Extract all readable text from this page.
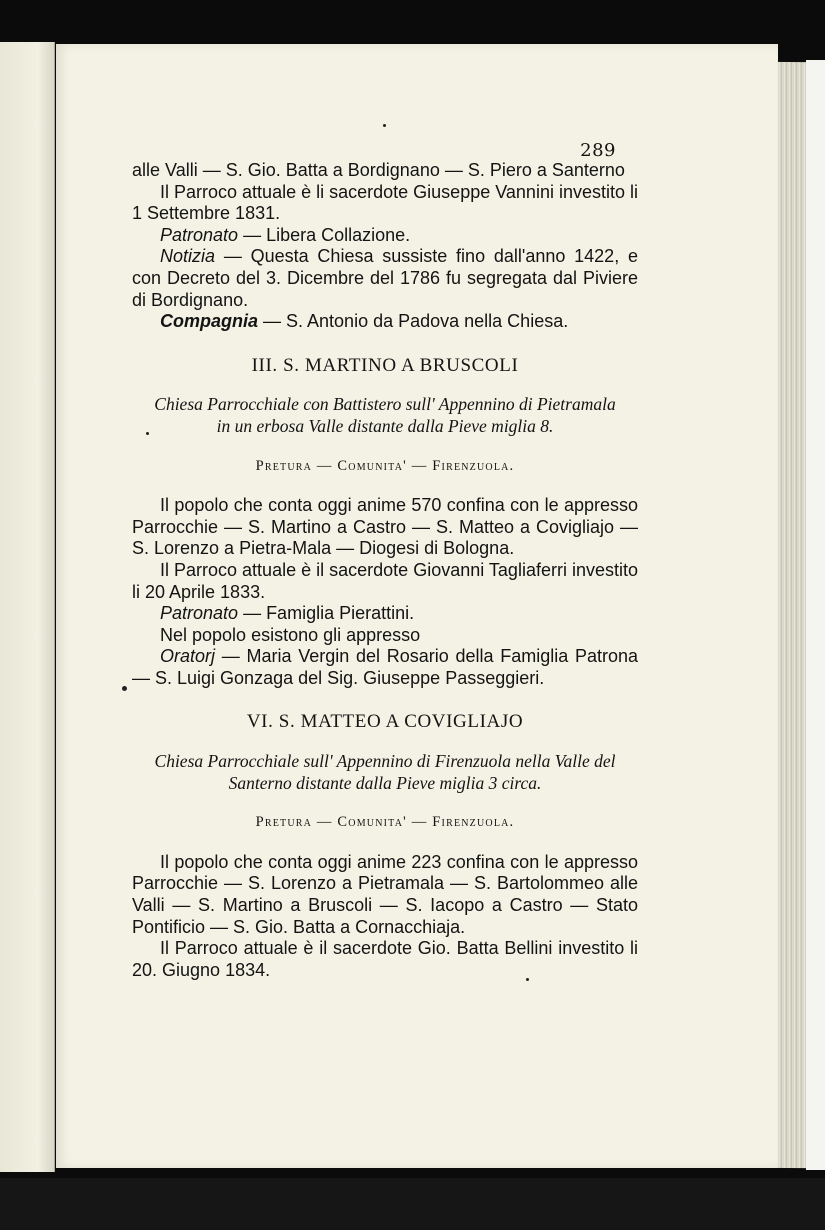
289

alle Valli — S. Gio. Batta a Bordignano — S. Piero a Santerno

Il Parroco attuale è li sacerdote Giuseppe Vannini investito li 1 Settembre 1831.

Patronato — Libera Collazione.

Notizia — Questa Chiesa sussiste fino dall'anno 1422, e con Decreto del 3. Dicembre del 1786 fu segregata dal Piviere di Bordignano.

Compagnia — S. Antonio da Padova nella Chiesa.

III. S. MARTINO A BRUSCOLI
Chiesa Parrocchiale con Battistero sull' Appennino di Pietramala in un erbosa Valle distante dalla Pieve miglia 8.
Pretura — Comunita' — Firenzuola.

Il popolo che conta oggi anime 570 confina con le appresso Parrocchie — S. Martino a Castro — S. Matteo a Covigliajo — S. Lorenzo a Pietra-Mala — Diogesi di Bologna.

Il Parroco attuale è il sacerdote Giovanni Tagliaferri investito li 20 Aprile 1833.

Patronato — Famiglia Pierattini.

Nel popolo esistono gli appresso

Oratorj — Maria Vergin del Rosario della Famiglia Patrona — S. Luigi Gonzaga del Sig. Giuseppe Passeggieri.

VI. S. MATTEO A COVIGLIAJO
Chiesa Parrocchiale sull' Appennino di Firenzuola nella Valle del Santerno distante dalla Pieve miglia 3 circa.
Pretura — Comunita' — Firenzuola.

Il popolo che conta oggi anime 223 confina con le appresso Parrocchie — S. Lorenzo a Pietramala — S. Bartolommeo alle Valli — S. Martino a Bruscoli — S. Iacopo a Castro — Stato Pontificio — S. Gio. Batta a Cornacchiaja.

Il Parroco attuale è il sacerdote Gio. Batta Bellini investito li 20. Giugno 1834.
